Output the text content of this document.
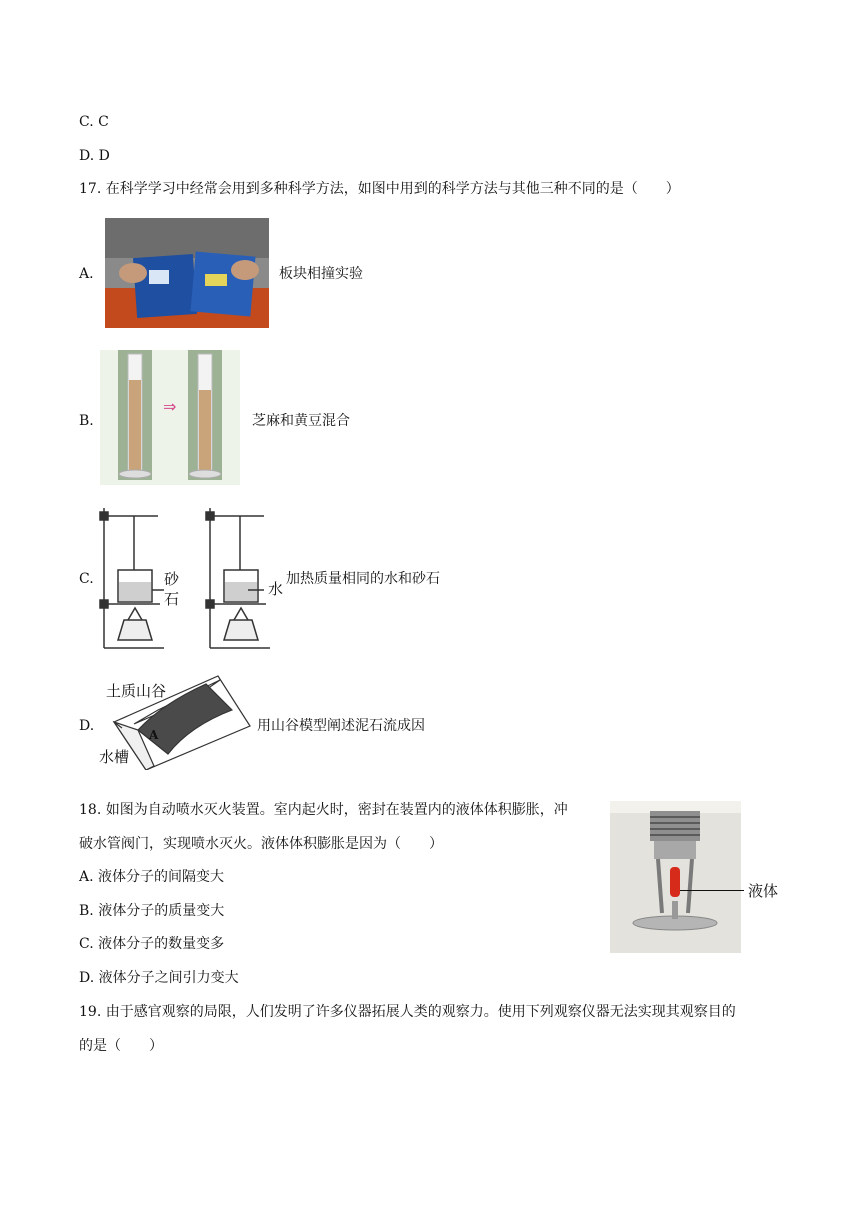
C. C
D. D
17. 在科学学习中经常会用到多种科学方法，如图中用到的科学方法与其他三种不同的是（　　）
A.	板块相撞实验
B.
⇒
芝麻和黄豆混合
C.	砂
石
水
加热质量相同的水和砂石
D.
土质山谷
A
水槽
用山谷模型阐述泥石流成因
18. 如图为自动喷水灭火装置。室内起火时，密封在装置内的液体体积膨胀，冲
破水管阀门，实现喷水灭火。液体体积膨胀是因为（　　）
A. 液体分子的间隔变大
B. 液体分子的质量变大
C. 液体分子的数量变多
D. 液体分子之间引力变大
液体
19. 由于感官观察的局限，人们发明了许多仪器拓展人类的观察力。使用下列观察仪器无法实现其观察目的
的是（　　）
